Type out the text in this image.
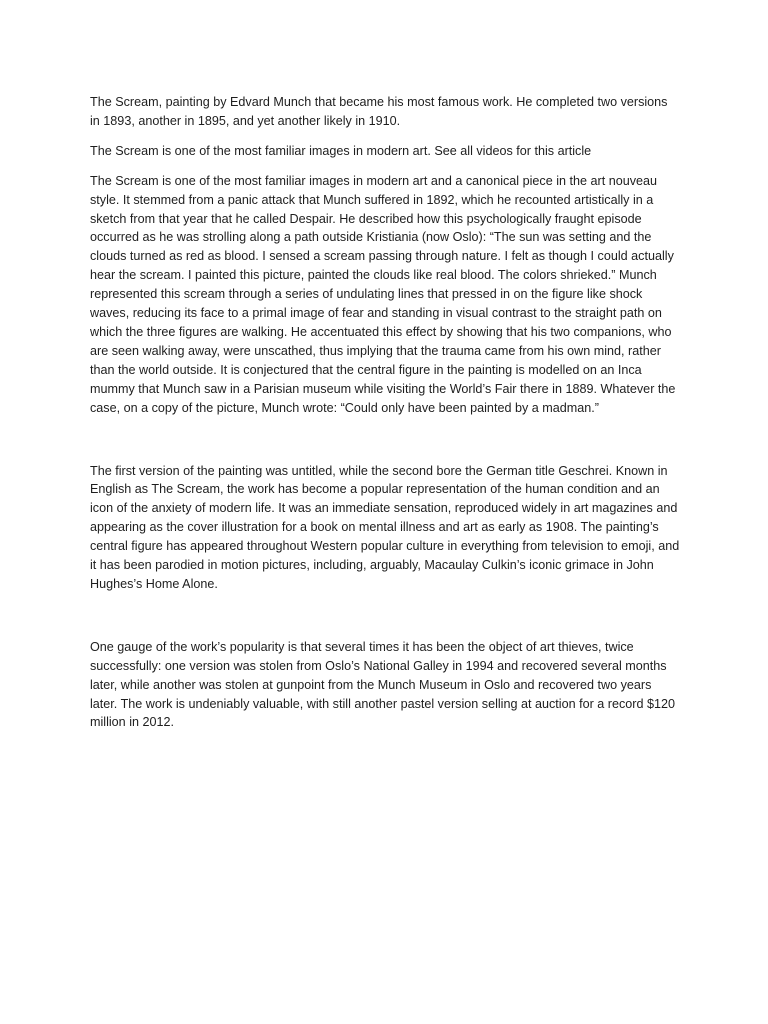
The Scream, painting by Edvard Munch that became his most famous work. He completed two versions in 1893, another in 1895, and yet another likely in 1910.

The Scream is one of the most familiar images in modern art. See all videos for this article

The Scream is one of the most familiar images in modern art and a canonical piece in the art nouveau style. It stemmed from a panic attack that Munch suffered in 1892, which he recounted artistically in a sketch from that year that he called Despair. He described how this psychologically fraught episode occurred as he was strolling along a path outside Kristiania (now Oslo): “The sun was setting and the clouds turned as red as blood. I sensed a scream passing through nature. I felt as though I could actually hear the scream. I painted this picture, painted the clouds like real blood. The colors shrieked.” Munch represented this scream through a series of undulating lines that pressed in on the figure like shock waves, reducing its face to a primal image of fear and standing in visual contrast to the straight path on which the three figures are walking. He accentuated this effect by showing that his two companions, who are seen walking away, were unscathed, thus implying that the trauma came from his own mind, rather than the world outside. It is conjectured that the central figure in the painting is modelled on an Inca mummy that Munch saw in a Parisian museum while visiting the World’s Fair there in 1889. Whatever the case, on a copy of the picture, Munch wrote: “Could only have been painted by a madman.”

The first version of the painting was untitled, while the second bore the German title Geschrei. Known in English as The Scream, the work has become a popular representation of the human condition and an icon of the anxiety of modern life. It was an immediate sensation, reproduced widely in art magazines and appearing as the cover illustration for a book on mental illness and art as early as 1908. The painting’s central figure has appeared throughout Western popular culture in everything from television to emoji, and it has been parodied in motion pictures, including, arguably, Macaulay Culkin’s iconic grimace in John Hughes’s Home Alone.

One gauge of the work’s popularity is that several times it has been the object of art thieves, twice successfully: one version was stolen from Oslo’s National Galley in 1994 and recovered several months later, while another was stolen at gunpoint from the Munch Museum in Oslo and recovered two years later. The work is undeniably valuable, with still another pastel version selling at auction for a record $120 million in 2012.
